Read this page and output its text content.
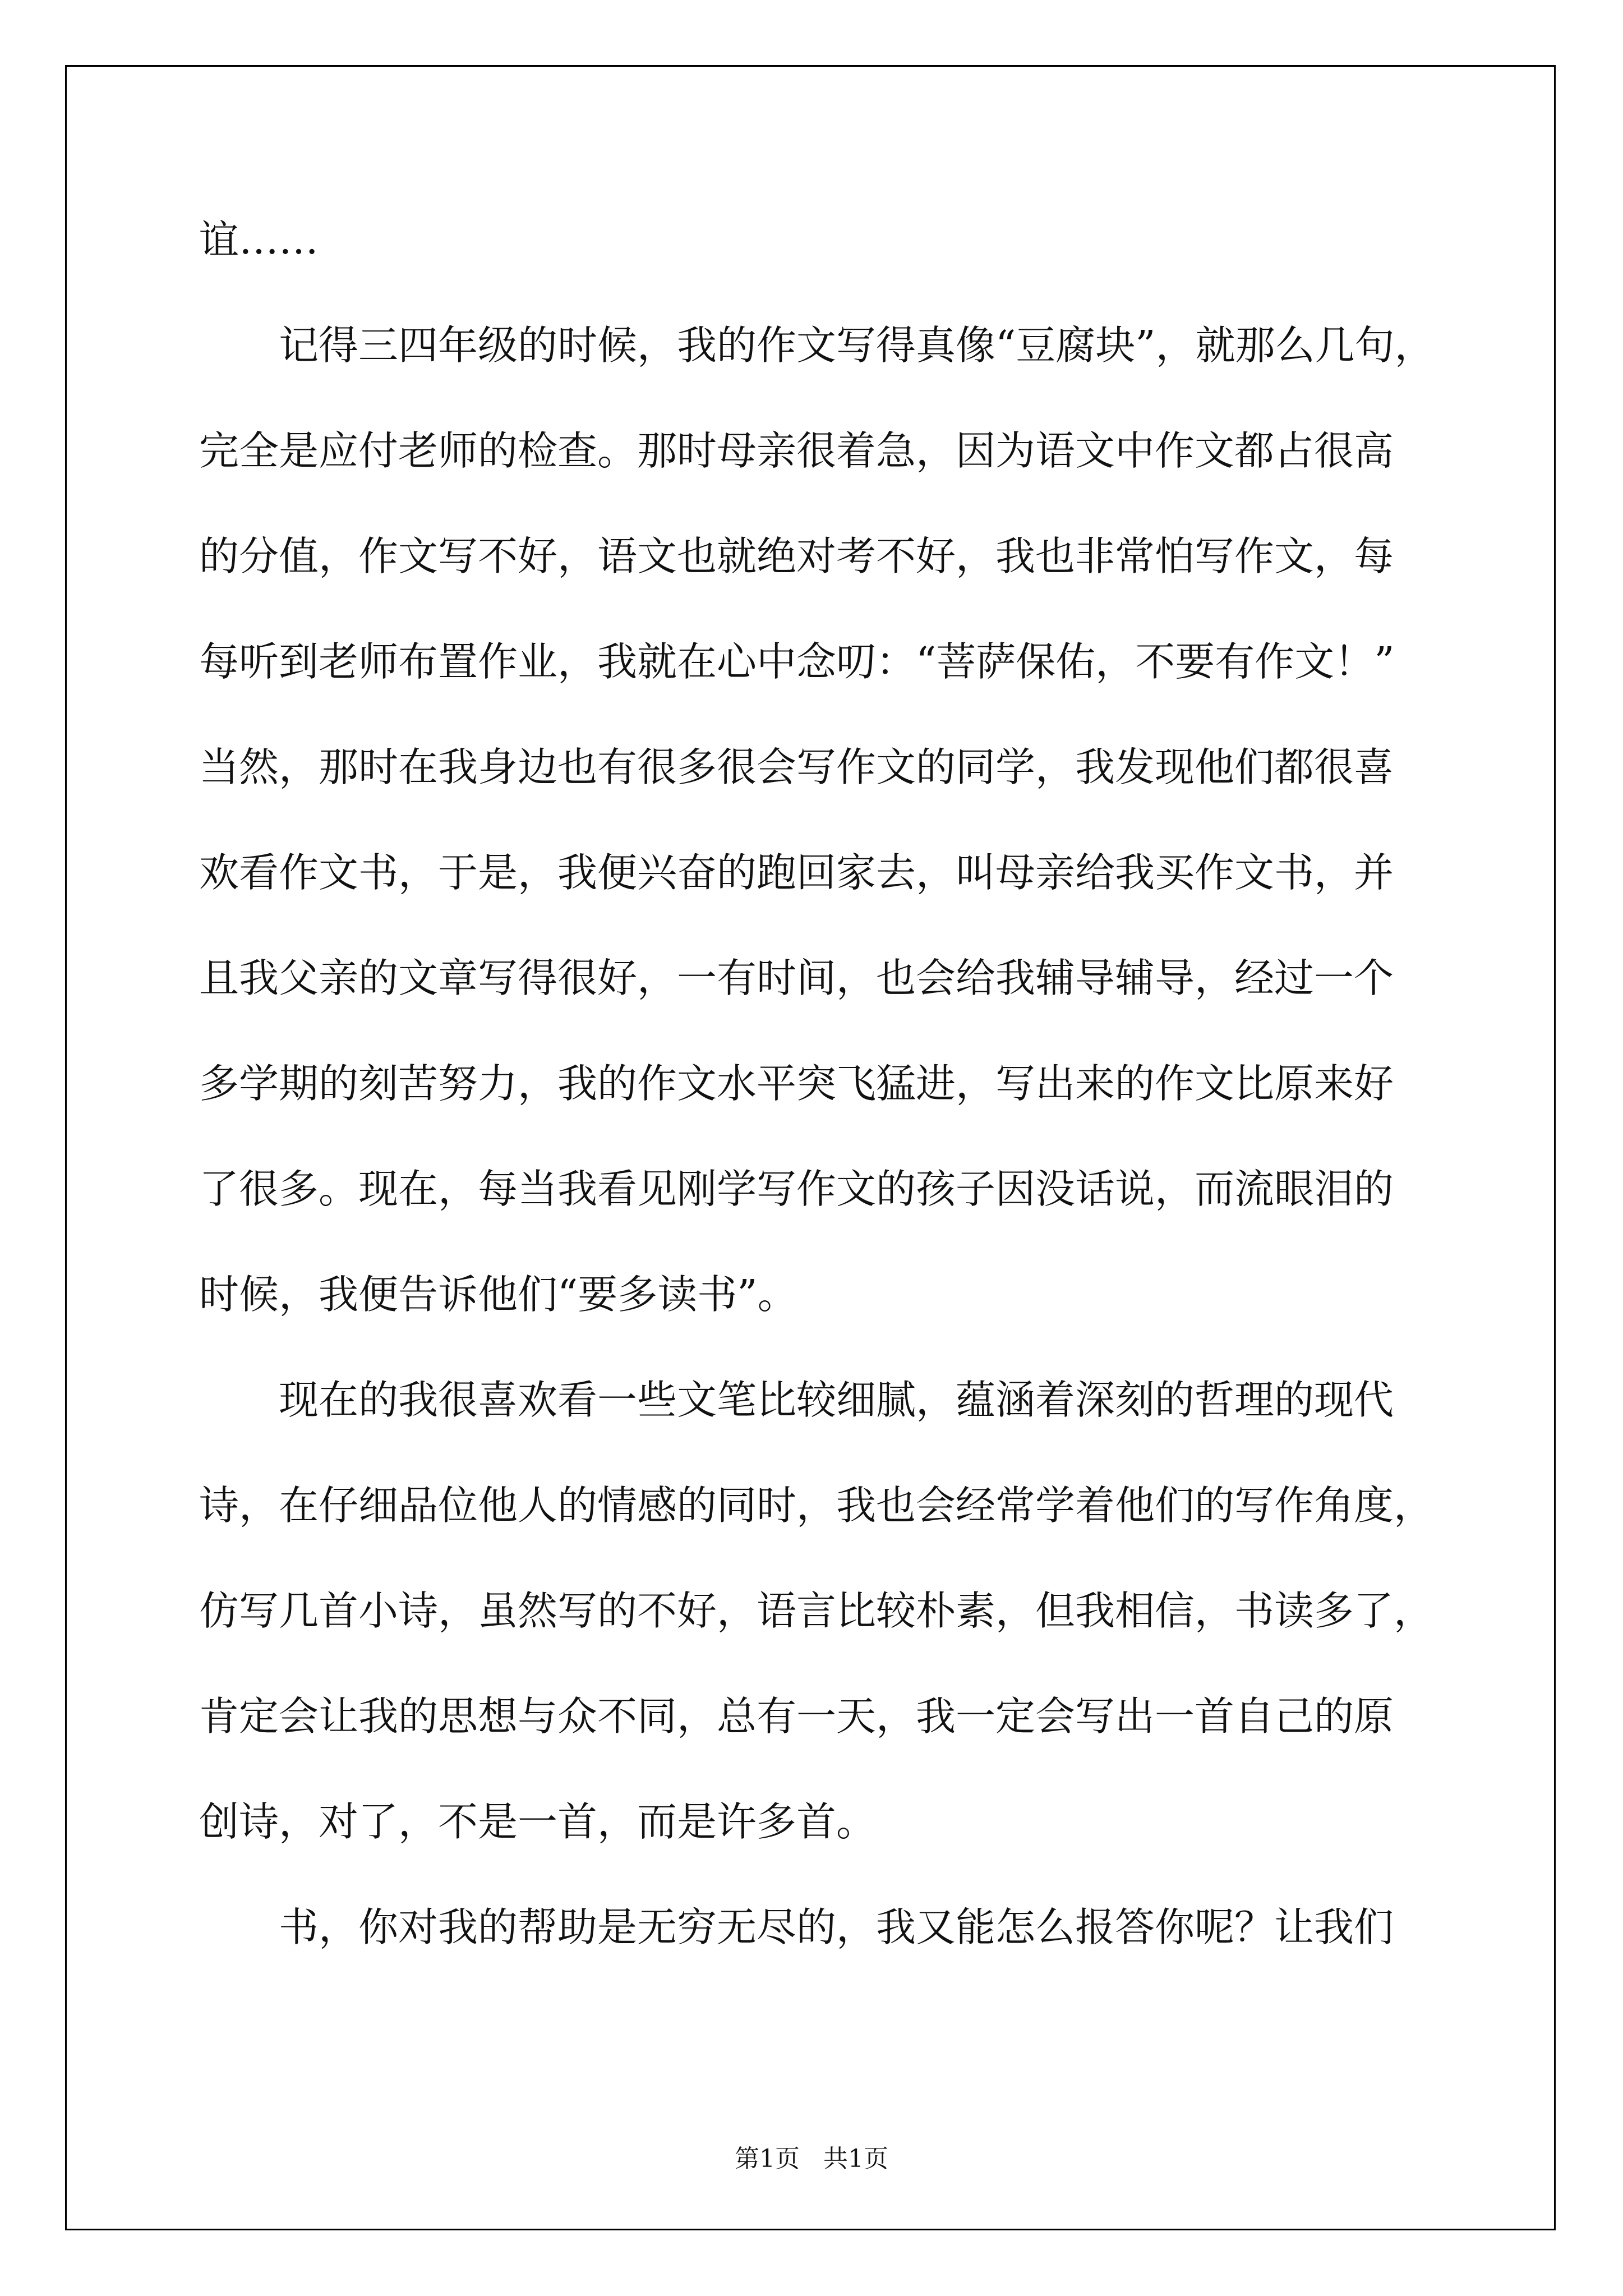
谊……
　　记得三四年级的时候，我的作文写得真像“豆腐块”，就那么几句，
完全是应付老师的检查。那时母亲很着急，因为语文中作文都占很高
的分值，作文写不好，语文也就绝对考不好，我也非常怕写作文，每
每听到老师布置作业，我就在心中念叨：“菩萨保佑，不要有作文！”
当然，那时在我身边也有很多很会写作文的同学，我发现他们都很喜
欢看作文书，于是，我便兴奋的跑回家去，叫母亲给我买作文书，并
且我父亲的文章写得很好，一有时间，也会给我辅导辅导，经过一个
多学期的刻苦努力，我的作文水平突飞猛进，写出来的作文比原来好
了很多。现在，每当我看见刚学写作文的孩子因没话说，而流眼泪的
时候，我便告诉他们“要多读书”。
　　现在的我很喜欢看一些文笔比较细腻，蕴涵着深刻的哲理的现代
诗，在仔细品位他人的情感的同时，我也会经常学着他们的写作角度，
仿写几首小诗，虽然写的不好，语言比较朴素，但我相信，书读多了，
肯定会让我的思想与众不同，总有一天，我一定会写出一首自己的原
创诗，对了，不是一首，而是许多首。
　　书，你对我的帮助是无穷无尽的，我又能怎么报答你呢？让我们
第1页   共1页
